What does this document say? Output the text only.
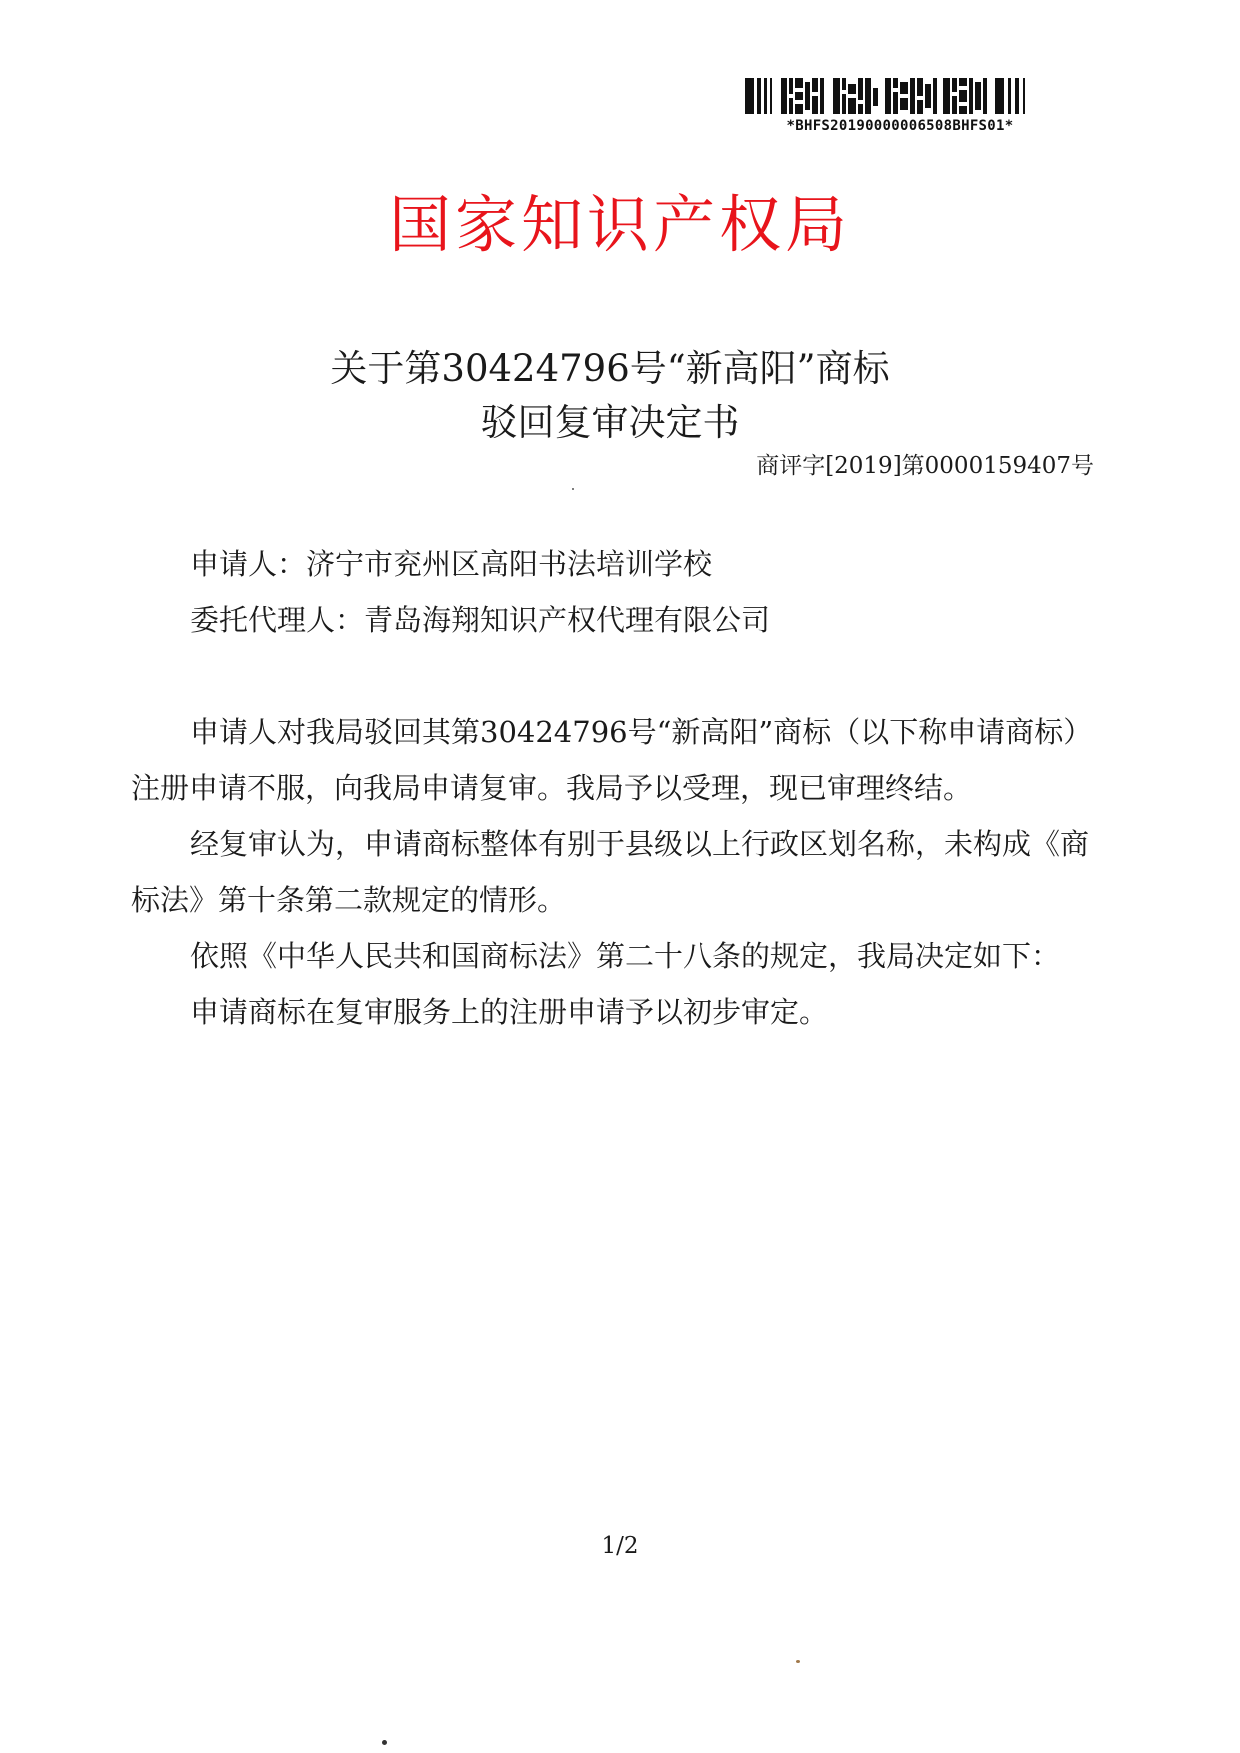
*BHFS20190000006508BHFS01*
国家知识产权局
关于第30424796号“新高阳”商标
驳回复审决定书
商评字[2019]第0000159407号
申请人：济宁市兖州区高阳书法培训学校
委托代理人：青岛海翔知识产权代理有限公司
申请人对我局驳回其第30424796号“新高阳”商标（以下称申请商标）
注册申请不服，向我局申请复审。我局予以受理，现已审理终结。
经复审认为，申请商标整体有别于县级以上行政区划名称，未构成《商
标法》第十条第二款规定的情形。
依照《中华人民共和国商标法》第二十八条的规定，我局决定如下：
申请商标在复审服务上的注册申请予以初步审定。
1/2
